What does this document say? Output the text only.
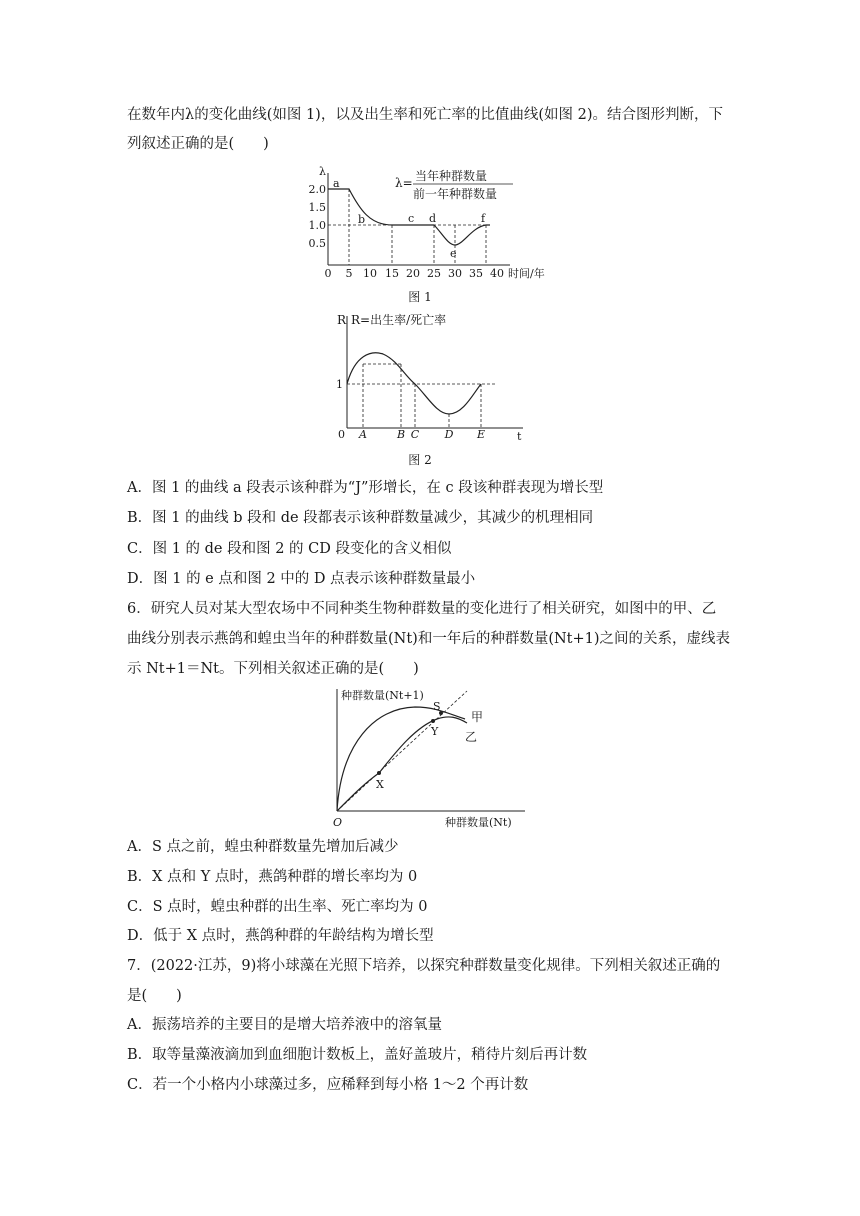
在数年内λ的变化曲线(如图 1)，以及出生率和死亡率的比值曲线(如图 2)。结合图形判断，下
列叙述正确的是(　　)
λ
时间/年
2.0
1.5
1.0
0.5
0 5 10 15 20 25 30 35 40
a
b	c d
e
f
λ= 当年种群数量
前一年种群数量
图 1
R
t
R=出生率/死亡率
1
0 A	B C D E
图 2
A．图 1 的曲线 a 段表示该种群为“J”形增长，在 c 段该种群表现为增长型
B．图 1 的曲线 b 段和 de 段都表示该种群数量减少，其减少的机理相同
C．图 1 的 de 段和图 2 的 CD 段变化的含义相似
D．图 1 的 e 点和图 2 中的 D 点表示该种群数量最小
6．研究人员对某大型农场中不同种类生物种群数量的变化进行了相关研究，如图中的甲、乙
曲线分别表示燕鸽和蝗虫当年的种群数量(Nt)和一年后的种群数量(Nt+1)之间的关系，虚线表
示 Nt+1＝Nt。下列相关叙述正确的是(　　)
种群数量(Nt+1)
种群数量(Nt)
O
X
Y
S
甲
乙
A．S 点之前，蝗虫种群数量先增加后减少
B．X 点和 Y 点时，燕鸽种群的增长率均为 0
C．S 点时，蝗虫种群的出生率、死亡率均为 0
D．低于 X 点时，燕鸽种群的年龄结构为增长型
7．(2022·江苏，9)将小球藻在光照下培养，以探究种群数量变化规律。下列相关叙述正确的
是(　　)
A．振荡培养的主要目的是增大培养液中的溶氧量
B．取等量藻液滴加到血细胞计数板上，盖好盖玻片，稍待片刻后再计数
C．若一个小格内小球藻过多，应稀释到每小格 1～2 个再计数
